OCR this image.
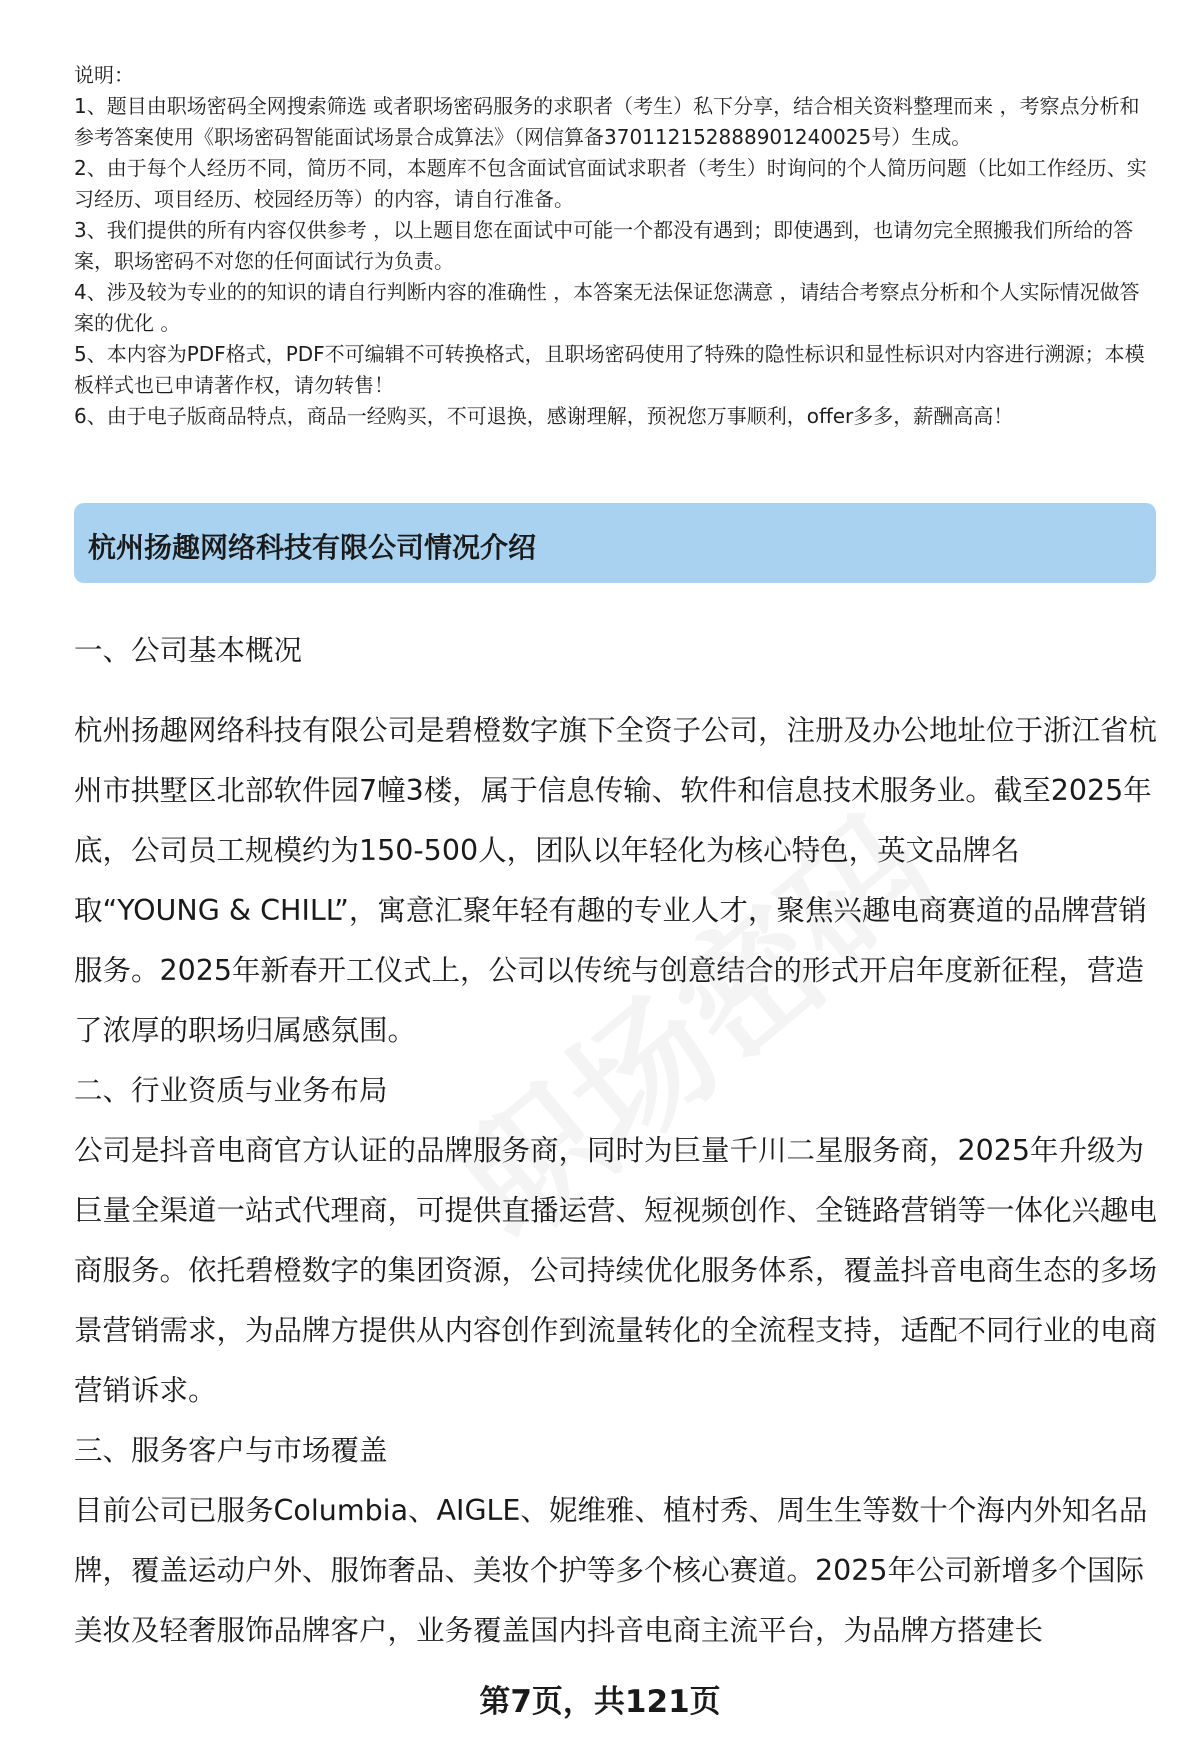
说明：
1、题目由职场密码全网搜索筛选 或者职场密码服务的求职者（考生）私下分享，结合相关资料整理而来 ，考察点分析和参考答案使用《职场密码智能面试场景合成算法》（网信算备370112152888901240025号）生成。
2、由于每个人经历不同，简历不同，本题库不包含面试官面试求职者（考生）时询问的个人简历问题（比如工作经历、实习经历、项目经历、校园经历等）的内容，请自行准备。
3、我们提供的所有内容仅供参考 ，以上题目您在面试中可能一个都没有遇到；即使遇到，也请勿完全照搬我们所给的答案，职场密码不对您的任何面试行为负责。
4、涉及较为专业的的知识的请自行判断内容的准确性 ，本答案无法保证您满意 ，请结合考察点分析和个人实际情况做答案的优化 。
5、本内容为PDF格式，PDF不可编辑不可转换格式，且职场密码使用了特殊的隐性标识和显性标识对内容进行溯源；本模板样式也已申请著作权，请勿转售！
6、由于电子版商品特点，商品一经购买，不可退换，感谢理解，预祝您万事顺利，offer多多，薪酬高高！
杭州扬趣网络科技有限公司情况介绍

一、公司基本概况

杭州扬趣网络科技有限公司是碧橙数字旗下全资子公司，注册及办公地址位于浙江省杭州市拱墅区北部软件园7幢3楼，属于信息传输、软件和信息技术服务业。截至2025年底，公司员工规模约为150-500人，团队以年轻化为核心特色，英文品牌名取“YOUNG & CHILL”，寓意汇聚年轻有趣的专业人才，聚焦兴趣电商赛道的品牌营销服务。2025年新春开工仪式上，公司以传统与创意结合的形式开启年度新征程，营造了浓厚的职场归属感氛围。

二、行业资质与业务布局

公司是抖音电商官方认证的品牌服务商，同时为巨量千川二星服务商，2025年升级为巨量全渠道一站式代理商，可提供直播运营、短视频创作、全链路营销等一体化兴趣电商服务。依托碧橙数字的集团资源，公司持续优化服务体系，覆盖抖音电商生态的多场景营销需求，为品牌方提供从内容创作到流量转化的全流程支持，适配不同行业的电商营销诉求。

三、服务客户与市场覆盖

目前公司已服务Columbia、AIGLE、妮维雅、植村秀、周生生等数十个海内外知名品牌，覆盖运动户外、服饰奢品、美妆个护等多个核心赛道。2025年公司新增多个国际美妆及轻奢服饰品牌客户，业务覆盖国内抖音电商主流平台，为品牌方搭建长

第7页，共121页
